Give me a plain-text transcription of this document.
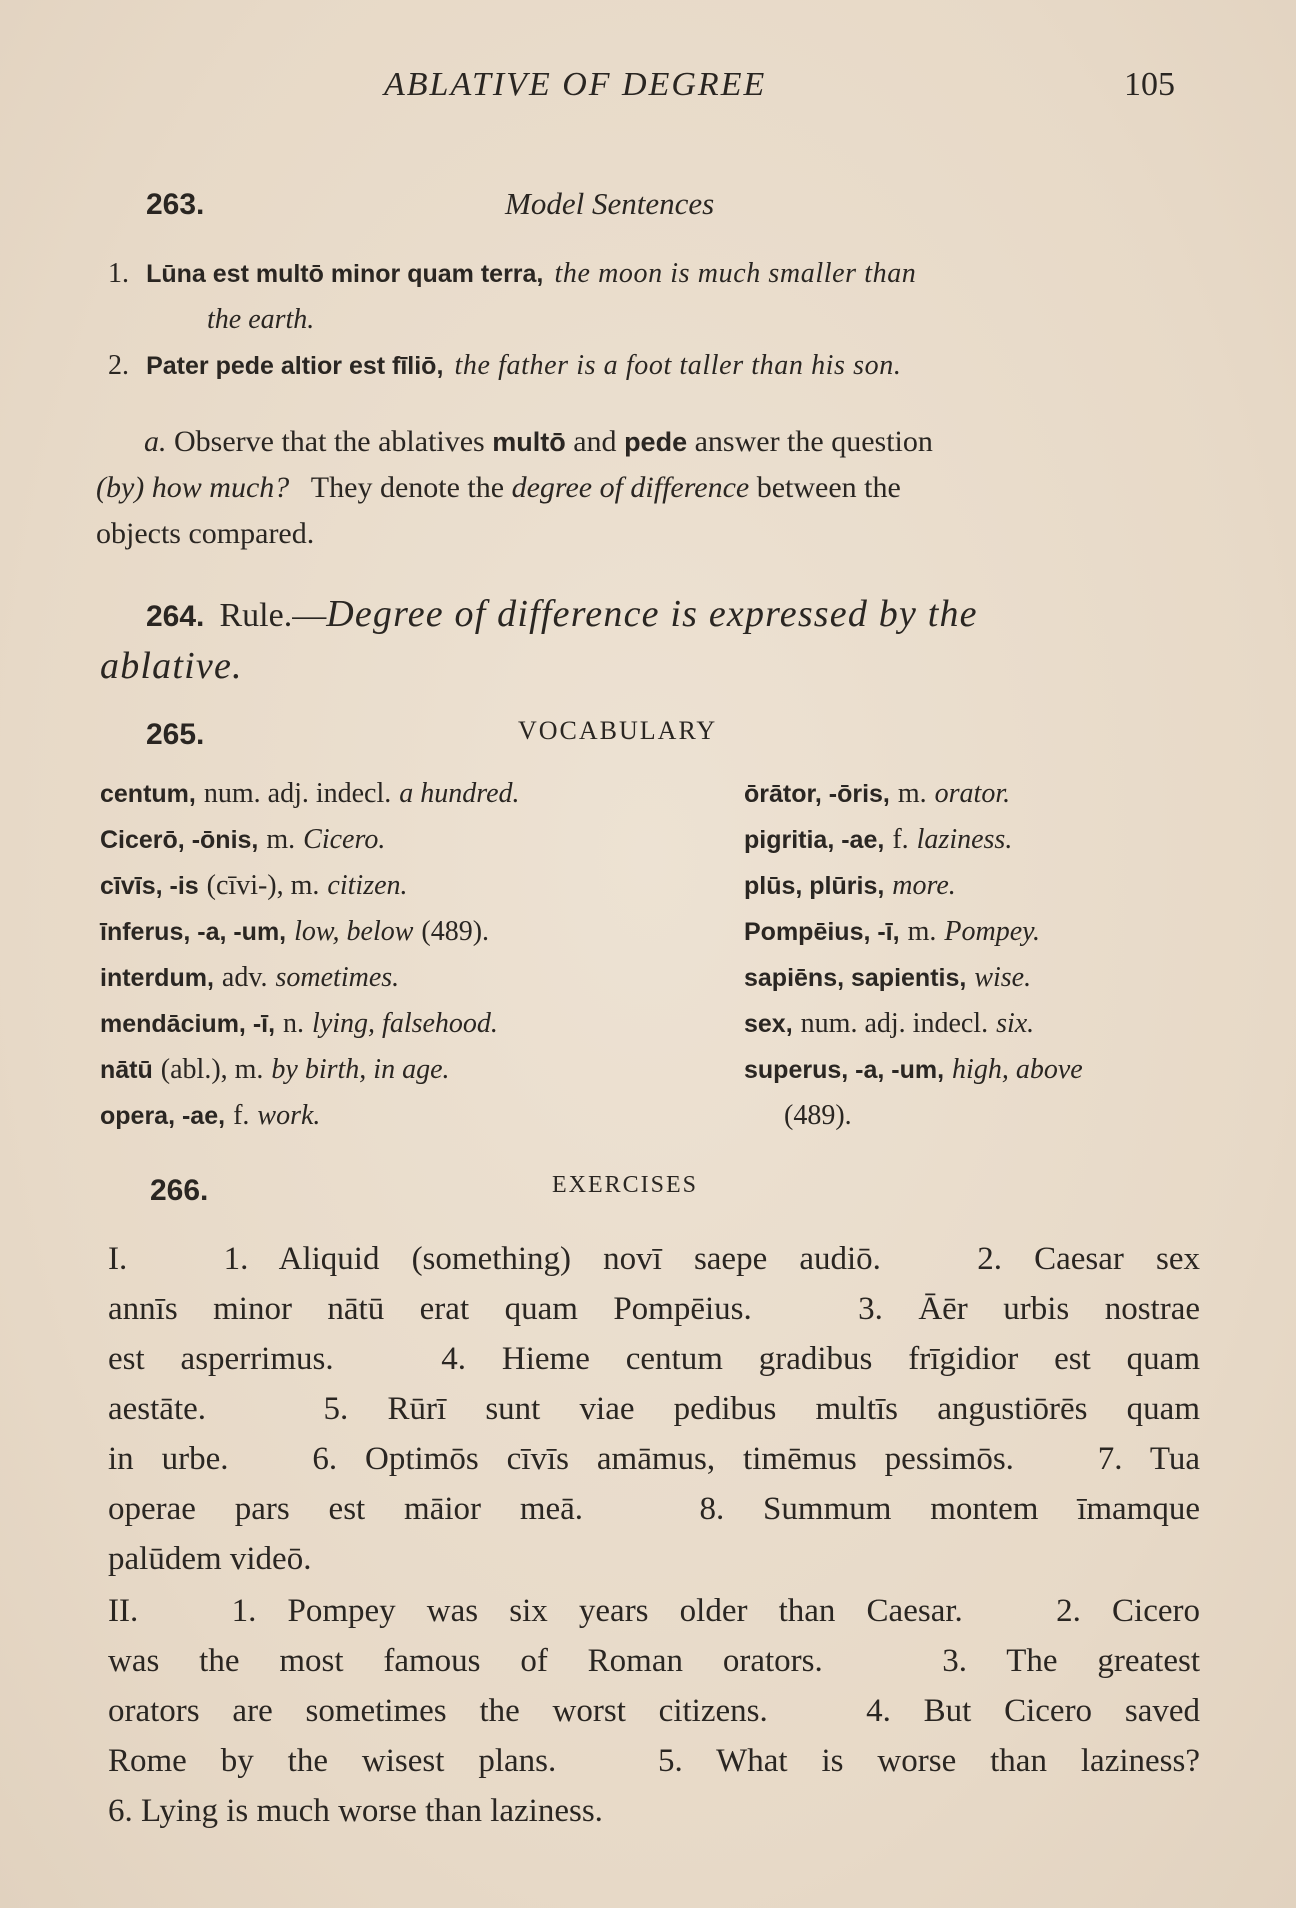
ABLATIVE OF DEGREE	105
263.	Model Sentences
1. Lūna est multō minor quam terra, the moon is much smaller than
the earth.
2. Pater pede altior est fīliō, the father is a foot taller than his son.
a. Observe that the ablatives multō and pede answer the question
(by) how much? They denote the degree of difference between the
objects compared.
264. Rule.—Degree of difference is expressed by the
ablative.
265.	VOCABULARY
centum, num. adj. indecl. a hundred.
Cicerō, -ōnis, m. Cicero.
cīvīs, -is (cīvi-), m. citizen.
īnferus, -a, -um, low, below (489).
interdum, adv. sometimes.
mendācium, -ī, n. lying, falsehood.
nātū (abl.), m. by birth, in age.
opera, -ae, f. work.
ōrātor, -ōris, m. orator.
pigritia, -ae, f. laziness.
plūs, plūris, more.
Pompēius, -ī, m. Pompey.
sapiēns, sapientis, wise.
sex, num. adj. indecl. six.
superus, -a, -um, high, above
(489).
266.	EXERCISES
I.   1. Aliquid (something) novī saepe audiō.   2. Caesar sex
annīs minor nātū erat quam Pompēius.   3. Āēr urbis nostrae
est asperrimus.   4. Hieme centum gradibus frīgidior est quam
aestāte.   5. Rūrī sunt viae pedibus multīs angustiōrēs quam
in urbe.   6. Optimōs cīvīs amāmus, timēmus pessimōs.   7. Tua
operae pars est māior meā.   8. Summum montem īmamque
palūdem videō.
II.   1. Pompey was six years older than Caesar.   2. Cicero
was the most famous of Roman orators.   3. The greatest
orators are sometimes the worst citizens.   4. But Cicero saved
Rome by the wisest plans.   5. What is worse than laziness?
6. Lying is much worse than laziness.
